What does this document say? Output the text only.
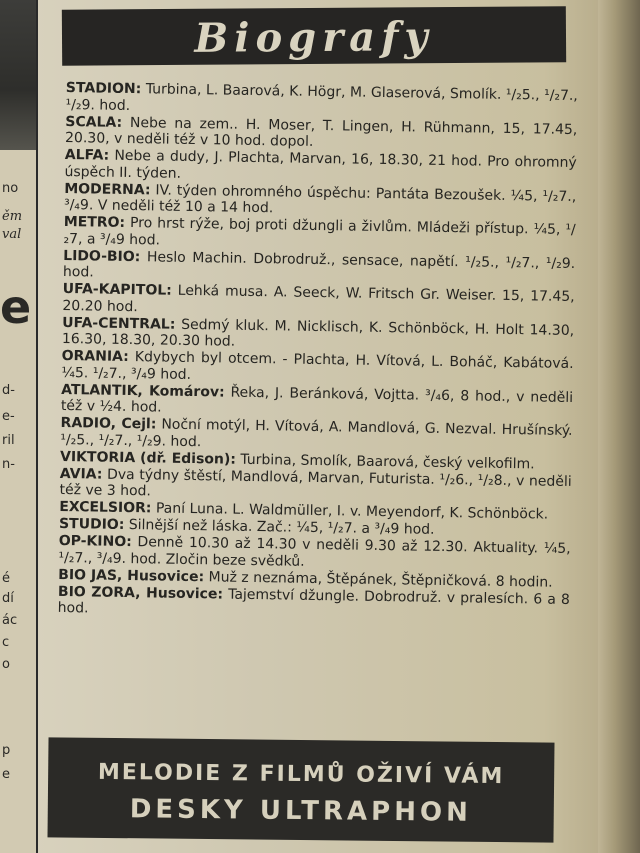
no
ěm
val
e
d-
e-
ril
n-
é
dí
ác
c
o
p
e
Biografy
STADION: Turbina, L. Baarová, K. Högr, M. Glaserová, Smolík. ¹/₂5., ¹/₂7., ¹/₂9. hod.
SCALA: Nebe na zem.. H. Moser, T. Lingen, H. Rühmann, 15, 17.45, 20.30, v neděli též v 10 hod. dopol.
ALFA: Nebe a dudy, J. Plachta, Marvan, 16, 18.30, 21 hod. Pro ohromný úspěch II. týden.
MODERNA: IV. týden ohromného úspěchu: Pantáta Bezoušek. ¼5, ¹/₂7., ³/₄9. V neděli též 10 a 14 hod.
METRO: Pro hrst rýže, boj proti džungli a živlům. Mládeži přístup. ¼5, ¹/₂7, a ³/₄9 hod.
LIDO-BIO: Heslo Machin. Dobrodruž., sensace, napětí. ¹/₂5., ¹/₂7., ¹/₂9. hod.
UFA-KAPITOL: Lehká musa. A. Seeck, W. Fritsch Gr. Weiser. 15, 17.45, 20.20 hod.
UFA-CENTRAL: Sedmý kluk. M. Nicklisch, K. Schönböck, H. Holt 14.30, 16.30, 18.30, 20.30 hod.
ORANIA: Kdybych byl otcem. - Plachta, H. Vítová, L. Boháč, Kabátová. ¼5. ¹/₂7., ³/₄9 hod.
ATLANTIK, Komárov: Řeka, J. Beránková, Vojtta. ³/₄6, 8 hod., v neděli též v ½4. hod.
RADIO, Cejl: Noční motýl, H. Vítová, A. Mandlová, G. Nezval. Hrušínský. ¹/₂5., ¹/₂7., ¹/₂9. hod.
VIKTORIA (dř. Edison): Turbina, Smolík, Baarová, český velkofilm.
AVIA: Dva týdny štěstí, Mandlová, Marvan, Futurista. ¹/₂6., ¹/₂8., v neděli též ve 3 hod.
EXCELSIOR: Paní Luna. L. Waldmüller, I. v. Meyendorf, K. Schönböck.
STUDIO: Silnější než láska. Zač.: ¼5, ¹/₂7. a ³/₄9 hod.
OP-KINO: Denně 10.30 až 14.30 v neděli 9.30 až 12.30. Aktuality. ¼5, ¹/₂7., ³/₄9. hod. Zločin beze svědků.
BIO JAS, Husovice: Muž z neznáma, Štěpánek, Štěpničková. 8 hodin.
BIO ZORA, Husovice: Tajemství džungle. Dobrodruž. v pralesích. 6 a 8 hod.
MELODIE Z FILMŮ OŽIVÍ VÁM
DESKY ULTRAPHON
